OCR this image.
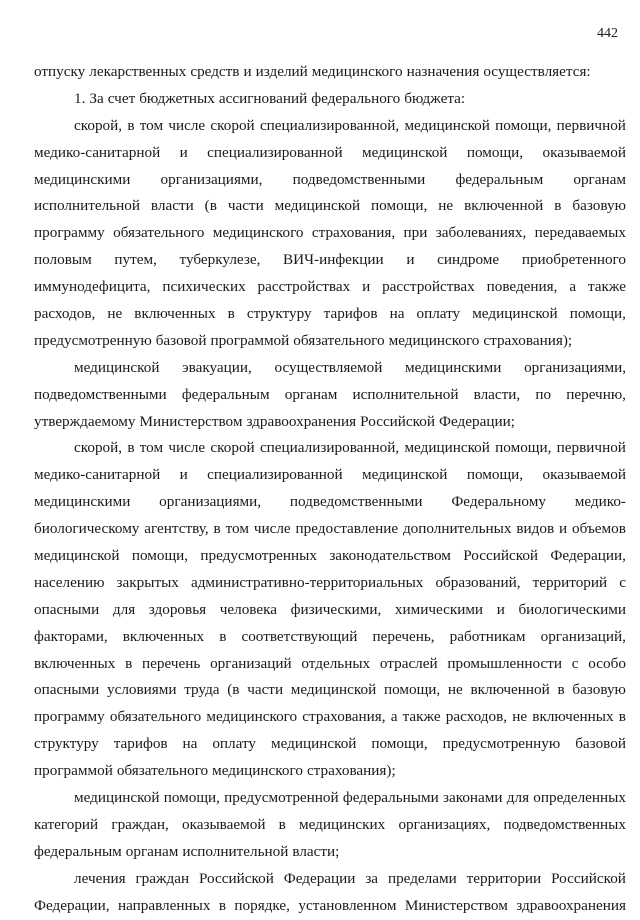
442
отпуску лекарственных средств и изделий медицинского назначения осуществляется:
1. За счет бюджетных ассигнований федерального бюджета:
скорой, в том числе скорой специализированной, медицинской помощи, первичной
медико-санитарной и специализированной медицинской помощи, оказываемой
медицинскими организациями, подведомственными федеральным органам
исполнительной власти (в части медицинской помощи, не включенной в базовую
программу обязательного медицинского страхования, при заболеваниях, передаваемых
половым путем, туберкулезе, ВИЧ-инфекции и синдроме приобретенного
иммунодефицита, психических расстройствах и расстройствах поведения, а также
расходов, не включенных в структуру тарифов на оплату медицинской помощи,
предусмотренную базовой программой обязательного медицинского страхования);
медицинской эвакуации, осуществляемой медицинскими организациями,
подведомственными федеральным органам исполнительной власти, по перечню,
утверждаемому Министерством здравоохранения Российской Федерации;
скорой, в том числе скорой специализированной, медицинской помощи, первичной
медико-санитарной и специализированной медицинской помощи, оказываемой
медицинскими организациями, подведомственными Федеральному медико-
биологическому агентству, в том числе предоставление дополнительных видов и объемов
медицинской помощи, предусмотренных законодательством Российской Федерации,
населению закрытых административно-территориальных образований, территорий с
опасными для здоровья человека физическими, химическими и биологическими
факторами, включенных в соответствующий перечень, работникам организаций,
включенных в перечень организаций отдельных отраслей промышленности с особо
опасными условиями труда (в части медицинской помощи, не включенной в базовую
программу обязательного медицинского страхования, а также расходов, не включенных в
структуру тарифов на оплату медицинской помощи, предусмотренную базовой
программой обязательного медицинского страхования);
медицинской помощи, предусмотренной федеральными законами для определенных
категорий граждан, оказываемой в медицинских организациях, подведомственных
федеральным органам исполнительной власти;
лечения граждан Российской Федерации за пределами территории Российской
Федерации, направленных в порядке, установленном Министерством здравоохранения
